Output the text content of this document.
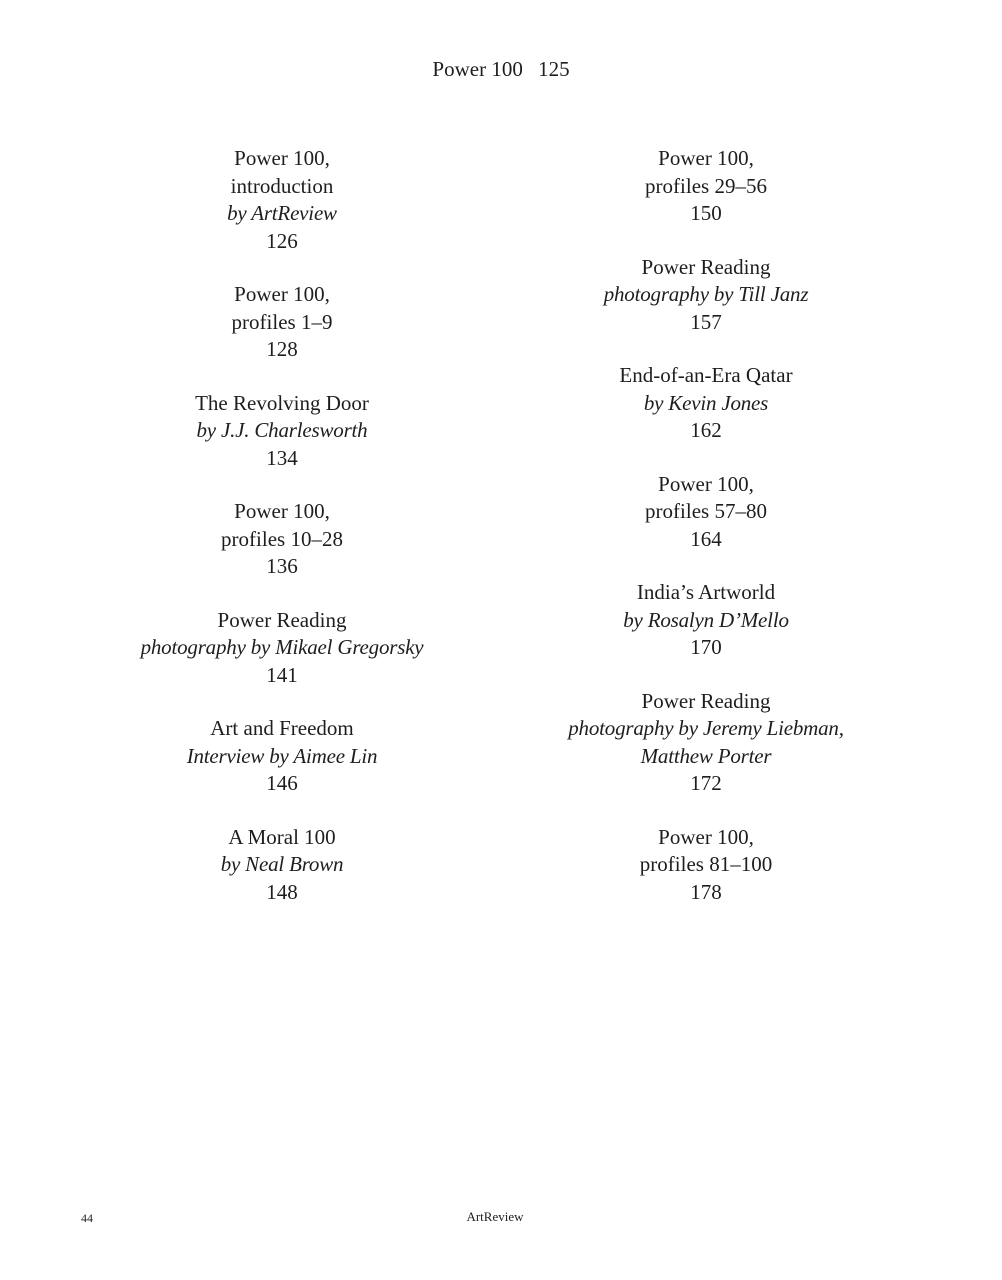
Power 100 125
Power 100,
introduction
by ArtReview
126
Power 100,
profiles 1–9
128
The Revolving Door
by J.J. Charlesworth
134
Power 100,
profiles 10–28
136
Power Reading
photography by Mikael Gregorsky
141
Art and Freedom
Interview by Aimee Lin
146
A Moral 100
by Neal Brown
148
Power 100,
profiles 29–56
150
Power Reading
photography by Till Janz
157
End-of-an-Era Qatar
by Kevin Jones
162
Power 100,
profiles 57–80
164
India’s Artworld
by Rosalyn D’Mello
170
Power Reading
photography by Jeremy Liebman,
Matthew Porter
172
Power 100,
profiles 81–100
178
44	ArtReview
